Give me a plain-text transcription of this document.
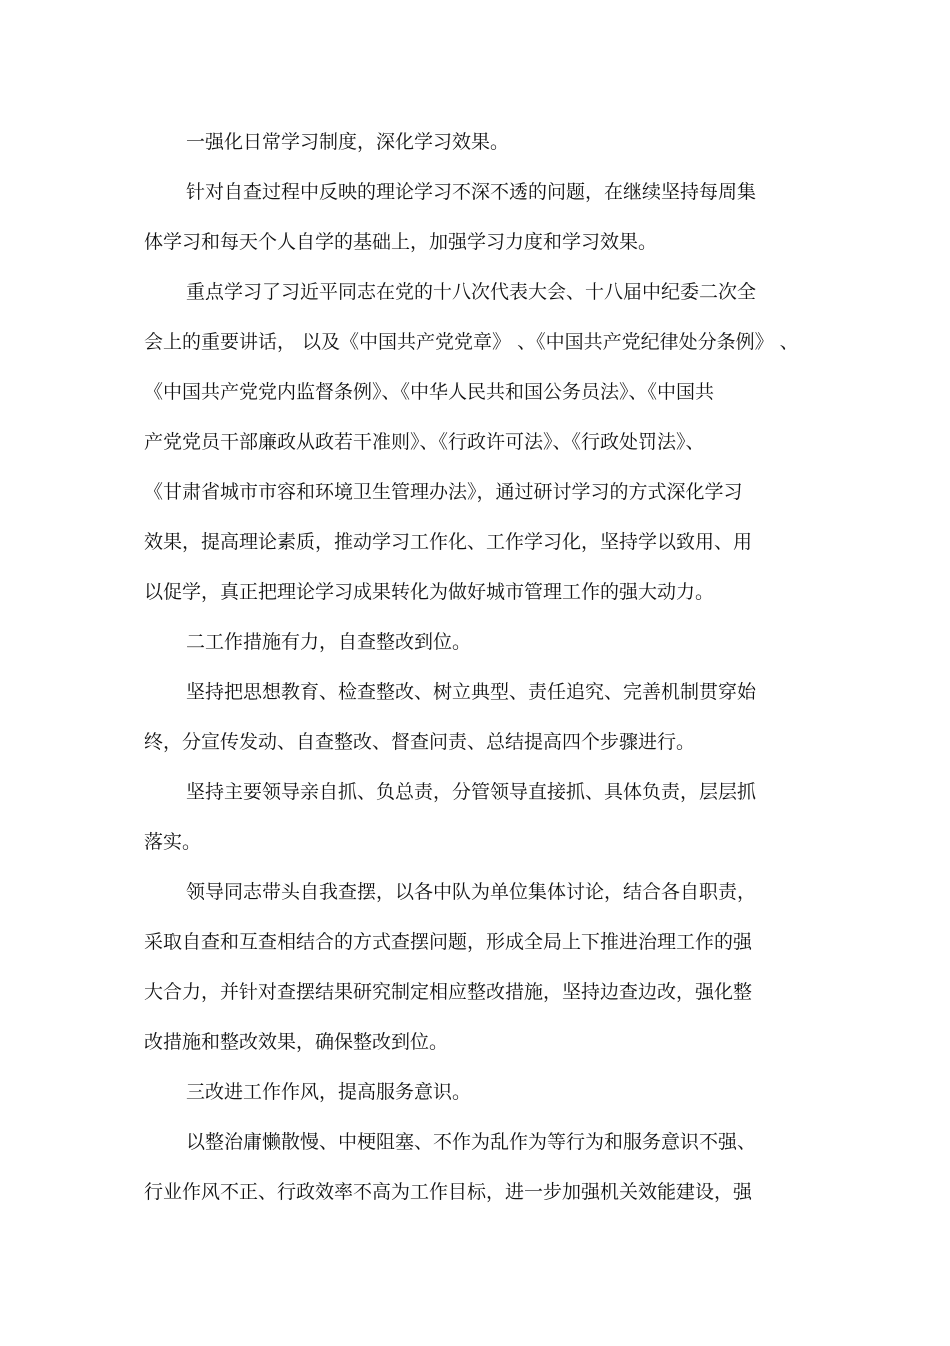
一强化日常学习制度，深化学习效果。
针对自查过程中反映的理论学习不深不透的问题，在继续坚持每周集
体学习和每天个人自学的基础上，加强学习力度和学习效果。
重点学习了习近平同志在党的十八次代表大会、十八届中纪委二次全
会上的重要讲话， 以及《中国共产党党章》 、《中国共产党纪律处分条例》 、
《中国共产党党内监督条例》、《中华人民共和国公务员法》、《中国共
产党党员干部廉政从政若干准则》、《行政许可法》、《行政处罚法》、
《甘肃省城市市容和环境卫生管理办法》，通过研讨学习的方式深化学习
效果，提高理论素质，推动学习工作化、工作学习化，坚持学以致用、用
以促学，真正把理论学习成果转化为做好城市管理工作的强大动力。
二工作措施有力，自查整改到位。
坚持把思想教育、检查整改、树立典型、责任追究、完善机制贯穿始
终，分宣传发动、自查整改、督查问责、总结提高四个步骤进行。
坚持主要领导亲自抓、负总责，分管领导直接抓、具体负责，层层抓
落实。
领导同志带头自我查摆，以各中队为单位集体讨论，结合各自职责，
采取自查和互查相结合的方式查摆问题，形成全局上下推进治理工作的强
大合力，并针对查摆结果研究制定相应整改措施，坚持边查边改，强化整
改措施和整改效果，确保整改到位。
三改进工作作风，提高服务意识。
以整治庸懒散慢、中梗阻塞、不作为乱作为等行为和服务意识不强、
行业作风不正、行政效率不高为工作目标，进一步加强机关效能建设，强
